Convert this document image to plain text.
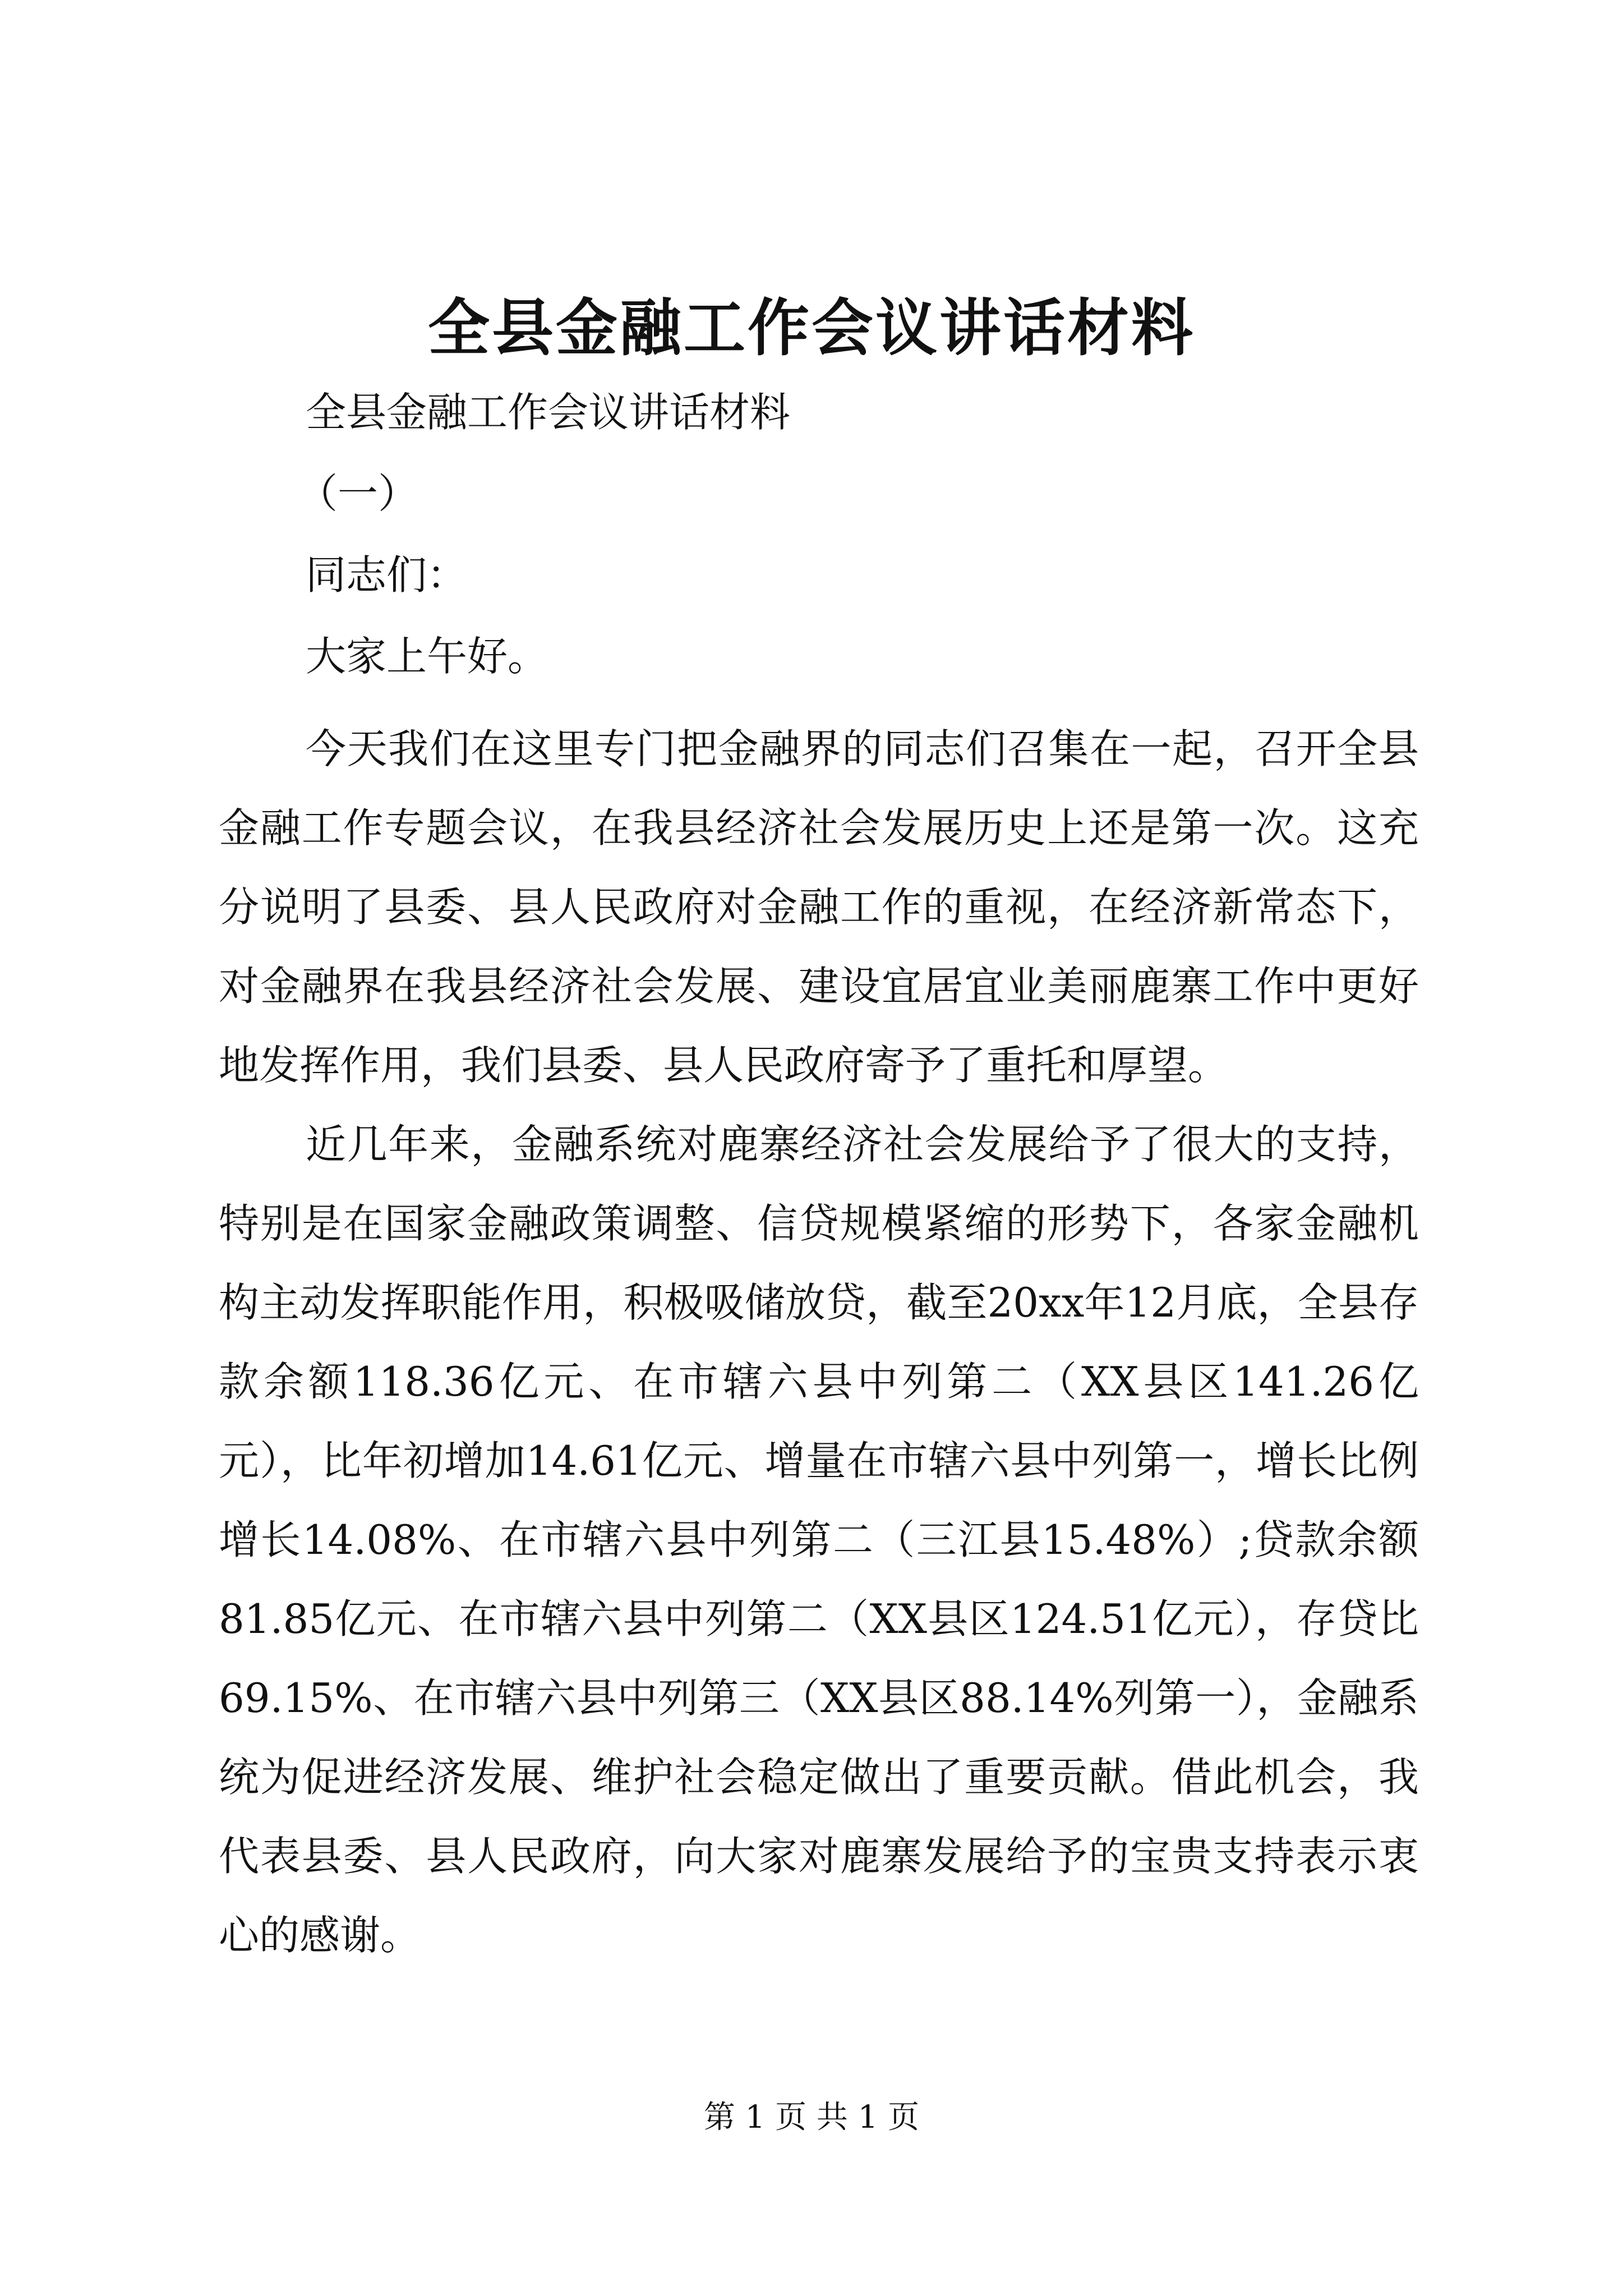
全县金融工作会议讲话材料
全县金融工作会议讲话材料
（一）
同志们：
大家上午好。

今天我们在这里专门把金融界的同志们召集在一起，召开全县金融工作专题会议，在我县经济社会发展历史上还是第一次。这充分说明了县委、县人民政府对金融工作的重视，在经济新常态下，对金融界在我县经济社会发展、建设宜居宜业美丽鹿寨工作中更好地发挥作用，我们县委、县人民政府寄予了重托和厚望。

近几年来，金融系统对鹿寨经济社会发展给予了很大的支持，特别是在国家金融政策调整、信贷规模紧缩的形势下，各家金融机构主动发挥职能作用，积极吸储放贷，截至20xx年12月底，全县存款余额118.36亿元、在市辖六县中列第二（XX县区141.26亿元），比年初增加14.61亿元、增量在市辖六县中列第一，增长比例增长14.08%、在市辖六县中列第二（三江县15.48%）;贷款余额81.85亿元、在市辖六县中列第二（XX县区124.51亿元），存贷比69.15%、在市辖六县中列第三（XX县区88.14%列第一），金融系统为促进经济发展、维护社会稳定做出了重要贡献。借此机会，我代表县委、县人民政府，向大家对鹿寨发展给予的宝贵支持表示衷心的感谢。

第 1 页 共 1 页
